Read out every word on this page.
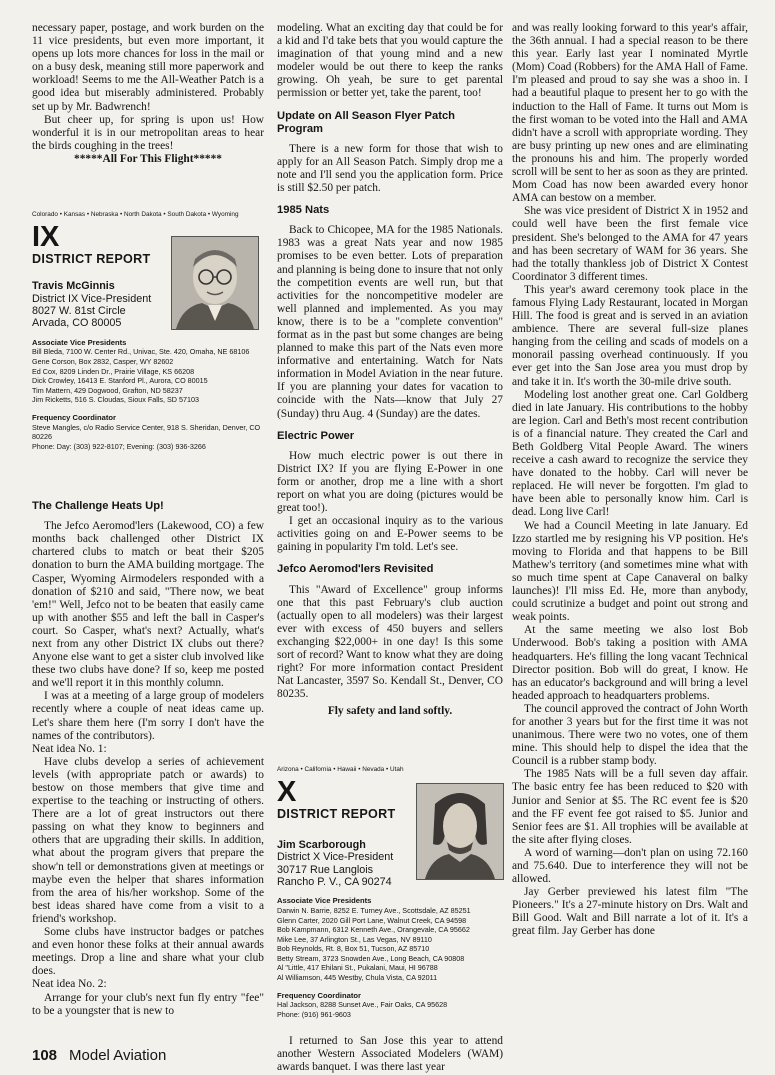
necessary paper, postage, and work burden on the 11 vice presidents, but even more important, it opens up lots more chances for loss in the mail or on a busy desk, meaning still more paperwork and workload! Seems to me the All-Weather Patch is a good idea but miserably administered. Probably set up by Mr. Badwrench!

But cheer up, for spring is upon us! How wonderful it is in our metropolitan areas to hear the birds coughing in the trees!

*****All For This Flight*****

Colorado • Kansas • Nebraska • North Dakota • South Dakota • Wyoming
IX
DISTRICT REPORT
Travis McGinnis
District IX Vice-President
8027 W. 81st Circle
Arvada, CO 80005
Associate Vice Presidents
Bill Bleda, 7100 W. Center Rd., Univac, Ste. 420, Omaha, NE 68106
Gene Corson, Box 2832, Casper, WY 82602
Ed Cox, 8209 Linden Dr., Prairie Village, KS 66208
Dick Crowley, 16413 E. Stanford Pl., Aurora, CO 80015
Tim Mattern, 429 Dogwood, Grafton, ND 58237
Jim Ricketts, 516 S. Cloudas, Sioux Falls, SD 57103
Frequency Coordinator
Steve Mangles, c/o Radio Service Center, 918 S. Sheridan, Denver, CO 80226
Phone: Day: (303) 922-8107; Evening: (303) 936-3266
The Challenge Heats Up!

The Jefco Aeromod'lers (Lakewood, CO) a few months back challenged other District IX chartered clubs to match or beat their $205 donation to burn the AMA building mortgage. The Casper, Wyoming Airmodelers responded with a donation of $210 and said, "There now, we beat 'em!" Well, Jefco not to be beaten that easily came up with another $55 and left the ball in Casper's court. So Casper, what's next? Actually, what's next from any other District IX clubs out there? Anyone else want to get a sister club involved like these two clubs have done? If so, keep me posted and we'll report it in this monthly column.

I was at a meeting of a large group of modelers recently where a couple of neat ideas came up. Let's share them here (I'm sorry I don't have the names of the contributors).

Neat idea No. 1:

Have clubs develop a series of achievement levels (with appropriate patch or awards) to bestow on those members that give time and expertise to the teaching or instructing of others. There are a lot of great instructors out there passing on what they know to beginners and others that are upgrading their skills. In addition, what about the program givers that prepare the show'n tell or demonstrations given at meetings or maybe even the helper that shares information from the area of his/her workshop. Some of the best ideas shared have come from a visit to a friend's workshop.

Some clubs have instructor badges or patches and even honor these folks at their annual awards meetings. Drop a line and share what your club does.

Neat idea No. 2:

Arrange for your club's next fun fly entry "fee" to be a youngster that is new to

modeling. What an exciting day that could be for a kid and I'd take bets that you would capture the imagination of that young mind and a new modeler would be out there to keep the ranks growing. Oh yeah, be sure to get parental permission or better yet, take the parent, too!

Update on All Season Flyer Patch Program

There is a new form for those that wish to apply for an All Season Patch. Simply drop me a note and I'll send you the application form. Price is still $2.50 per patch.

1985 Nats

Back to Chicopee, MA for the 1985 Nationals. 1983 was a great Nats year and now 1985 promises to be even better. Lots of preparation and planning is being done to insure that not only the competition events are well run, but that activities for the noncompetitive modeler are well planned and implemented. As you may know, there is to be a "complete convention" format as in the past but some changes are being planned to make this part of the Nats even more informative and entertaining. Watch for Nats information in Model Aviation in the near future. If you are planning your dates for vacation to coincide with the Nats—know that July 27 (Sunday) thru Aug. 4 (Sunday) are the dates.

Electric Power

How much electric power is out there in District IX? If you are flying E-Power in one form or another, drop me a line with a short report on what you are doing (pictures would be great too!).

I get an occasional inquiry as to the various activities going on and E-Power seems to be gaining in popularity I'm told. Let's see.

Jefco Aeromod'lers Revisited

This "Award of Excellence" group informs one that this past February's club auction (actually open to all modelers) was their largest ever with excess of 450 buyers and sellers exchanging $22,000+ in one day! Is this some sort of record? Want to know what they are doing right? For more information contact President Nat Lancaster, 3597 So. Kendall St., Denver, CO 80235.

Fly safety and land softly.

Arizona • California • Hawaii • Nevada • Utah
X
DISTRICT REPORT
Jim Scarborough
District X Vice-President
30717 Rue Langlois
Rancho P. V., CA 90274
Associate Vice Presidents
Darwin N. Barrie, 8252 E. Turney Ave., Scottsdale, AZ 85251
Glenn Carter, 2020 Gill Port Lane, Walnut Creek, CA 94598
Bob Kampmann, 6312 Kenneth Ave., Orangevale, CA 95662
Mike Lee, 37 Arlington St., Las Vegas, NV 89110
Bob Reynolds, Rt. 8, Box 51, Tucson, AZ 85710
Betty Stream, 3723 Snowden Ave., Long Beach, CA 90808
Al "Little, 417 Ehilani St., Pukalani, Maui, HI 96788
Al Williamson, 445 Westby, Chula Vista, CA 92011
Frequency Coordinator
Hal Jackson, 8288 Sunset Ave., Fair Oaks, CA 95628
Phone: (916) 961-9603

I returned to San Jose this year to attend another Western Associated Modelers (WAM) awards banquet. I was there last year

and was really looking forward to this year's affair, the 36th annual. I had a special reason to be there this year. Early last year I nominated Myrtle (Mom) Coad (Robbers) for the AMA Hall of Fame. I'm pleased and proud to say she was a shoo in. I had a beautiful plaque to present her to go with the induction to the Hall of Fame. It turns out Mom is the first woman to be voted into the Hall and AMA didn't have a scroll with appropriate wording. They are busy printing up new ones and are eliminating the pronouns his and him. The properly worded scroll will be sent to her as soon as they are printed. Mom Coad has now been awarded every honor AMA can bestow on a member.

She was vice president of District X in 1952 and could well have been the first female vice president. She's belonged to the AMA for 47 years and has been secretary of WAM for 36 years. She had the totally thankless job of District X Contest Coordinator 3 different times.

This year's award ceremony took place in the famous Flying Lady Restaurant, located in Morgan Hill. The food is great and is served in an aviation ambience. There are several full-size planes hanging from the ceiling and scads of models on a monorail passing overhead continuously. If you ever get into the San Jose area you must drop by and take it in. It's worth the 30-mile drive south.

Modeling lost another great one. Carl Goldberg died in late January. His contributions to the hobby are legion. Carl and Beth's most recent contribution is of a financial nature. They created the Carl and Beth Goldberg Vital People Award. The winers receive a cash award to recognize the service they have donated to the hobby. Carl will never be replaced. He will never be forgotten. I'm glad to have been able to personally know him. Carl is dead. Long live Carl!

We had a Council Meeting in late January. Ed Izzo startled me by resigning his VP position. He's moving to Florida and that happens to be Bill Mathew's territory (and sometimes mine what with so much time spent at Cape Canaveral on balky launches)! I'll miss Ed. He, more than anybody, could scrutinize a budget and point out strong and weak points.

At the same meeting we also lost Bob Underwood. Bob's taking a position with AMA headquarters. He's filling the long vacant Technical Director position. Bob will do great, I know. He has an educator's background and will bring a level headed approach to headquarters problems.

The council approved the contract of John Worth for another 3 years but for the first time it was not unanimous. There were two no votes, one of them mine. This should help to dispel the idea that the Council is a rubber stamp body.

The 1985 Nats will be a full seven day affair. The basic entry fee has been reduced to $20 with Junior and Senior at $5. The RC event fee is $20 and the FF event fee got raised to $5. Junior and Senior fees are $1. All trophies will be available at the site after flying closes.

A word of warning—don't plan on using 72.160 and 75.640. Due to interference they will not be allowed.

Jay Gerber previewed his latest film "The Pioneers." It's a 27-minute history on Drs. Walt and Bill Good. Walt and Bill narrate a lot of it. It's a great film. Jay Gerber has done

108 Model Aviation
